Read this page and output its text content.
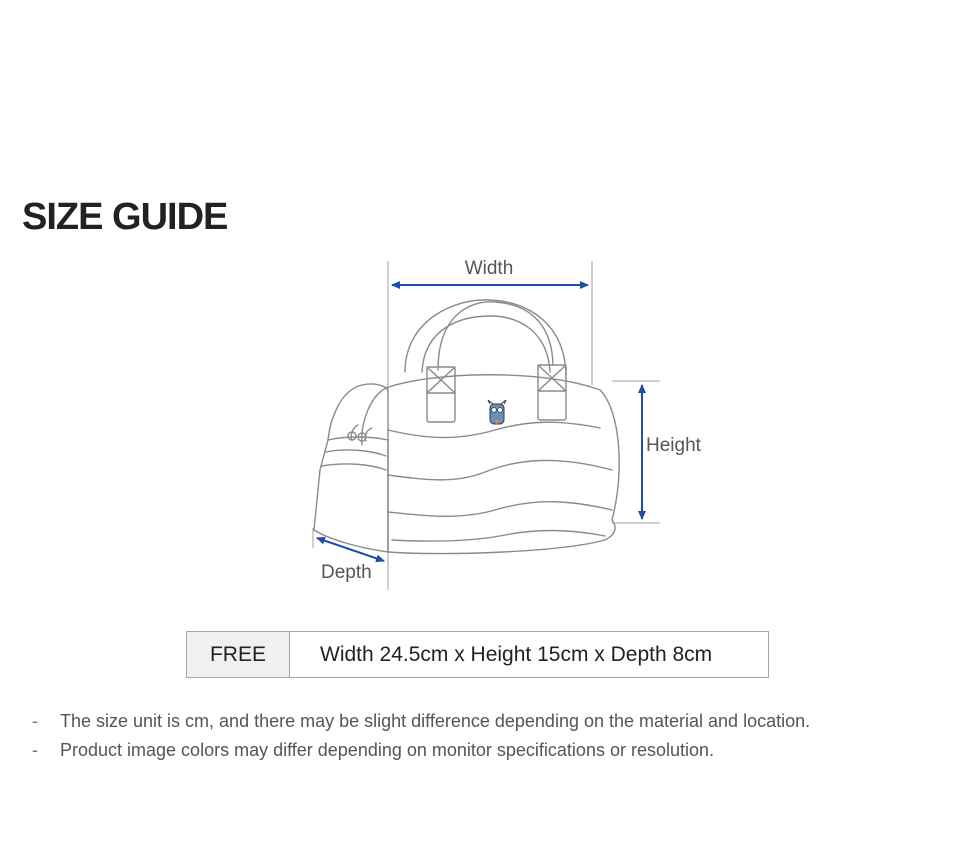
SIZE GUIDE
Width
Height
Depth
FREE	Width 24.5cm x Height 15cm x Depth 8cm
-	The size unit is cm, and there may be slight difference depending on the material and location.
-	Product image colors may differ depending on monitor specifications or resolution.
